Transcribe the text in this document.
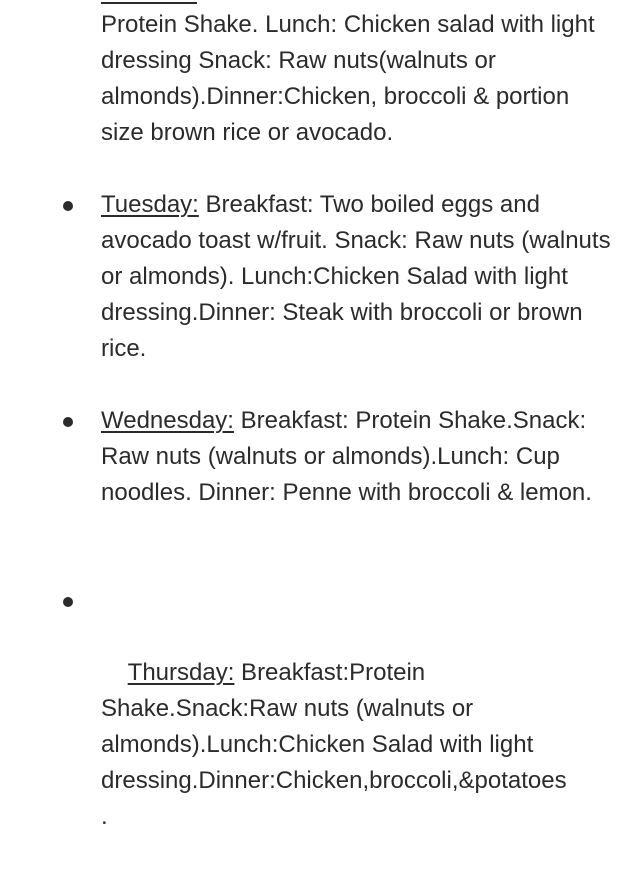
Protein Shake. Lunch: Chicken salad with light dressing Snack: Raw nuts(walnuts or almonds).Dinner:Chicken, broccoli & portion size brown rice or avocado.
Tuesday: Breakfast: Two boiled eggs and avocado toast w/fruit. Snack: Raw nuts (walnuts or almonds). Lunch:Chicken Salad with light dressing.Dinner: Steak with broccoli or brown rice.
Wednesday: Breakfast: Protein Shake.Snack: Raw nuts (walnuts or almonds).Lunch: Cup noodles. Dinner: Penne with broccoli & lemon.

Thursday: Breakfast:Protein Shake.Snack:Raw nuts (walnuts or almonds).Lunch:Chicken Salad with light dressing.Dinner:Chicken,broccoli,&potatoes
.
